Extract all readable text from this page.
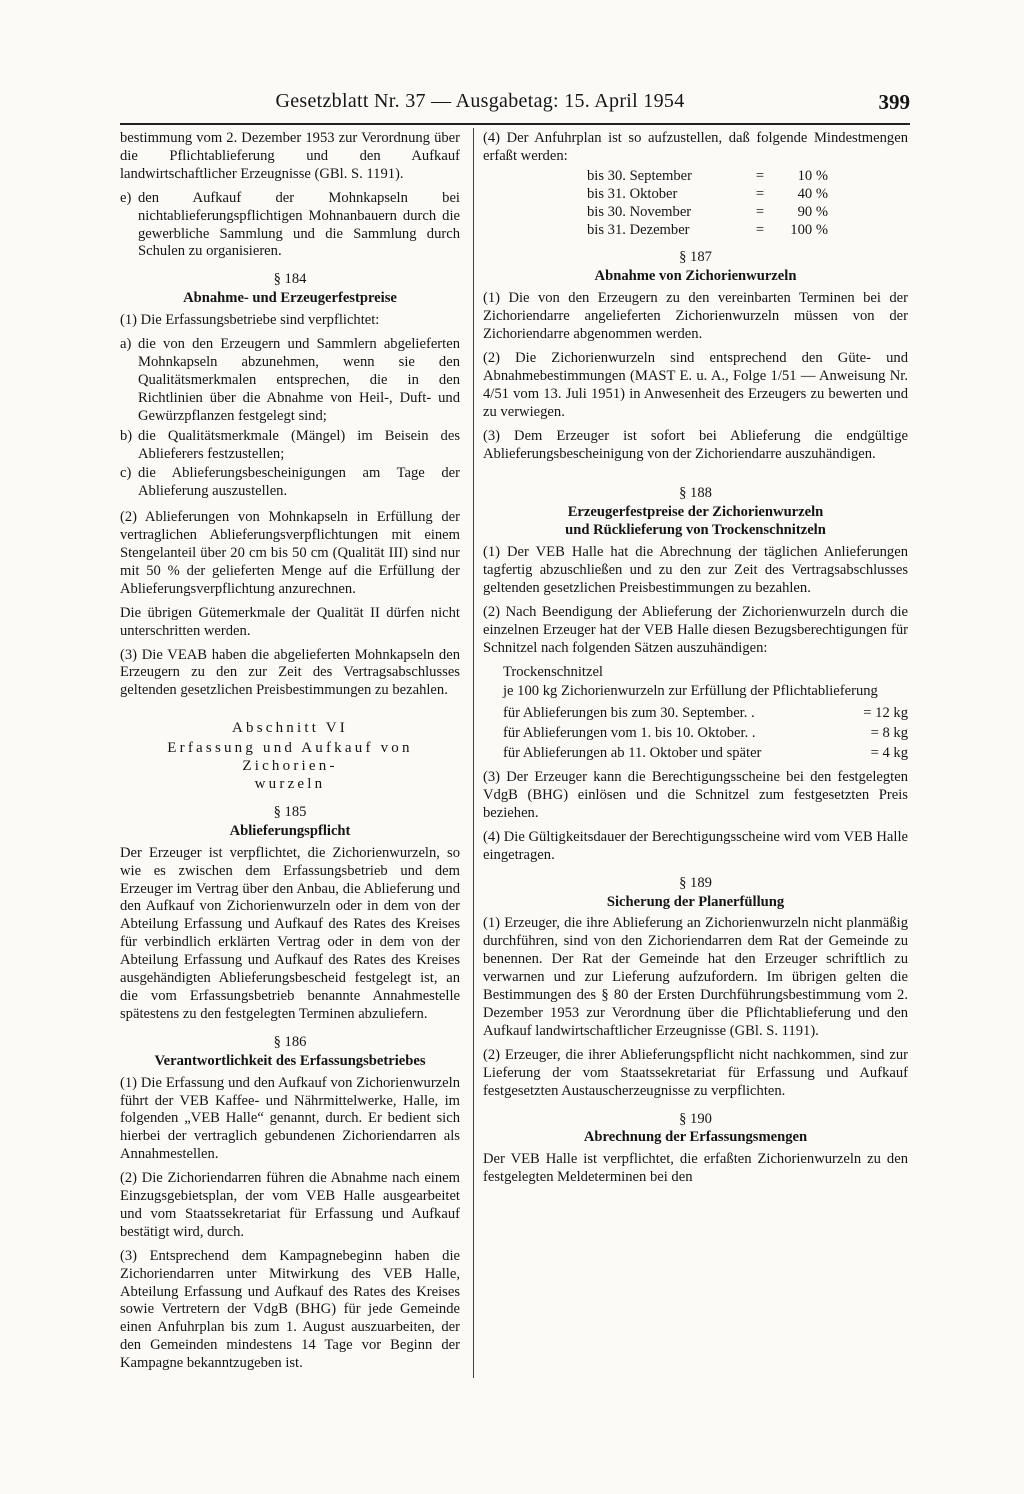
Gesetzblatt Nr. 37 — Ausgabetag: 15. April 1954	399

bestimmung vom 2. Dezember 1953 zur Verordnung über die Pflichtablieferung und den Aufkauf landwirtschaftlicher Erzeugnisse (GBl. S. 1191).

e) den Aufkauf der Mohnkapseln bei nichtablieferungspflichtigen Mohnanbauern durch die gewerbliche Sammlung und die Sammlung durch Schulen zu organisieren.
§ 184
Abnahme- und Erzeugerfestpreise

(1) Die Erfassungsbetriebe sind verpflichtet:

a) die von den Erzeugern und Sammlern abgelieferten Mohnkapseln abzunehmen, wenn sie den Qualitätsmerkmalen entsprechen, die in den Richtlinien über die Abnahme von Heil-, Duft- und Gewürzpflanzen festgelegt sind;
b) die Qualitätsmerkmale (Mängel) im Beisein des Ablieferers festzustellen;
c) die Ablieferungsbescheinigungen am Tage der Ablieferung auszustellen.

(2) Ablieferungen von Mohnkapseln in Erfüllung der vertraglichen Ablieferungsverpflichtungen mit einem Stengelanteil über 20 cm bis 50 cm (Qualität III) sind nur mit 50 % der gelieferten Menge auf die Erfüllung der Ablieferungsverpflichtung anzurechnen.

Die übrigen Gütemerkmale der Qualität II dürfen nicht unterschritten werden.

(3) Die VEAB haben die abgelieferten Mohnkapseln den Erzeugern zu den zur Zeit des Vertragsabschlusses geltenden gesetzlichen Preisbestimmungen zu bezahlen.

Abschnitt VI
Erfassung und Aufkauf von Zichorien-
wurzeln
§ 185
Ablieferungspflicht

Der Erzeuger ist verpflichtet, die Zichorienwurzeln, so wie es zwischen dem Erfassungsbetrieb und dem Erzeuger im Vertrag über den Anbau, die Ablieferung und den Aufkauf von Zichorienwurzeln oder in dem von der Abteilung Erfassung und Aufkauf des Rates des Kreises für verbindlich erklärten Vertrag oder in dem von der Abteilung Erfassung und Aufkauf des Rates des Kreises ausgehändigten Ablieferungsbescheid festgelegt ist, an die vom Erfassungsbetrieb benannte Annahmestelle spätestens zu den festgelegten Terminen abzuliefern.

§ 186
Verantwortlichkeit des Erfassungsbetriebes

(1) Die Erfassung und den Aufkauf von Zichorienwurzeln führt der VEB Kaffee- und Nährmittelwerke, Halle, im folgenden „VEB Halle“ genannt, durch. Er bedient sich hierbei der vertraglich gebundenen Zichoriendarren als Annahmestellen.

(2) Die Zichoriendarren führen die Abnahme nach einem Einzugsgebietsplan, der vom VEB Halle ausgearbeitet und vom Staatssekretariat für Erfassung und Aufkauf bestätigt wird, durch.

(3) Entsprechend dem Kampagnebeginn haben die Zichoriendarren unter Mitwirkung des VEB Halle, Abteilung Erfassung und Aufkauf des Rates des Kreises sowie Vertretern der VdgB (BHG) für jede Gemeinde einen Anfuhrplan bis zum 1. August auszuarbeiten, der den Gemeinden mindestens 14 Tage vor Beginn der Kampagne bekanntzugeben ist.

(4) Der Anfuhrplan ist so aufzustellen, daß folgende Mindestmengen erfaßt werden:

bis 30. September	=	10 %
bis 31. Oktober	=	40 %
bis 30. November	=	90 %
bis 31. Dezember	=	100 %
§ 187
Abnahme von Zichorienwurzeln

(1) Die von den Erzeugern zu den vereinbarten Terminen bei der Zichoriendarre angelieferten Zichorienwurzeln müssen von der Zichoriendarre abgenommen werden.

(2) Die Zichorienwurzeln sind entsprechend den Güte- und Abnahmebestimmungen (MAST E. u. A., Folge 1/51 — Anweisung Nr. 4/51 vom 13. Juli 1951) in Anwesenheit des Erzeugers zu bewerten und zu verwiegen.

(3) Dem Erzeuger ist sofort bei Ablieferung die endgültige Ablieferungsbescheinigung von der Zichoriendarre auszuhändigen.

§ 188
Erzeugerfestpreise der Zichorienwurzeln
und Rücklieferung von Trockenschnitzeln

(1) Der VEB Halle hat die Abrechnung der täglichen Anlieferungen tagfertig abzuschließen und zu den zur Zeit des Vertragsabschlusses geltenden gesetzlichen Preisbestimmungen zu bezahlen.

(2) Nach Beendigung der Ablieferung der Zichorienwurzeln durch die einzelnen Erzeuger hat der VEB Halle diesen Bezugsberechtigungen für Schnitzel nach folgenden Sätzen auszuhändigen:

Trockenschnitzel

je 100 kg Zichorienwurzeln zur Erfüllung der Pflichtablieferung

für Ablieferungen bis zum 30. September. .	= 12 kg
für Ablieferungen vom 1. bis 10. Oktober. .	= 8 kg
für Ablieferungen ab 11. Oktober und später	= 4 kg

(3) Der Erzeuger kann die Berechtigungsscheine bei den festgelegten VdgB (BHG) einlösen und die Schnitzel zum festgesetzten Preis beziehen.

(4) Die Gültigkeitsdauer der Berechtigungsscheine wird vom VEB Halle eingetragen.

§ 189
Sicherung der Planerfüllung

(1) Erzeuger, die ihre Ablieferung an Zichorienwurzeln nicht planmäßig durchführen, sind von den Zichoriendarren dem Rat der Gemeinde zu benennen. Der Rat der Gemeinde hat den Erzeuger schriftlich zu verwarnen und zur Lieferung aufzufordern. Im übrigen gelten die Bestimmungen des § 80 der Ersten Durchführungsbestimmung vom 2. Dezember 1953 zur Verordnung über die Pflichtablieferung und den Aufkauf landwirtschaftlicher Erzeugnisse (GBl. S. 1191).

(2) Erzeuger, die ihrer Ablieferungspflicht nicht nachkommen, sind zur Lieferung der vom Staatssekretariat für Erfassung und Aufkauf festgesetzten Austauscherzeugnisse zu verpflichten.

§ 190
Abrechnung der Erfassungsmengen

Der VEB Halle ist verpflichtet, die erfaßten Zichorienwurzeln zu den festgelegten Meldeterminen bei den
